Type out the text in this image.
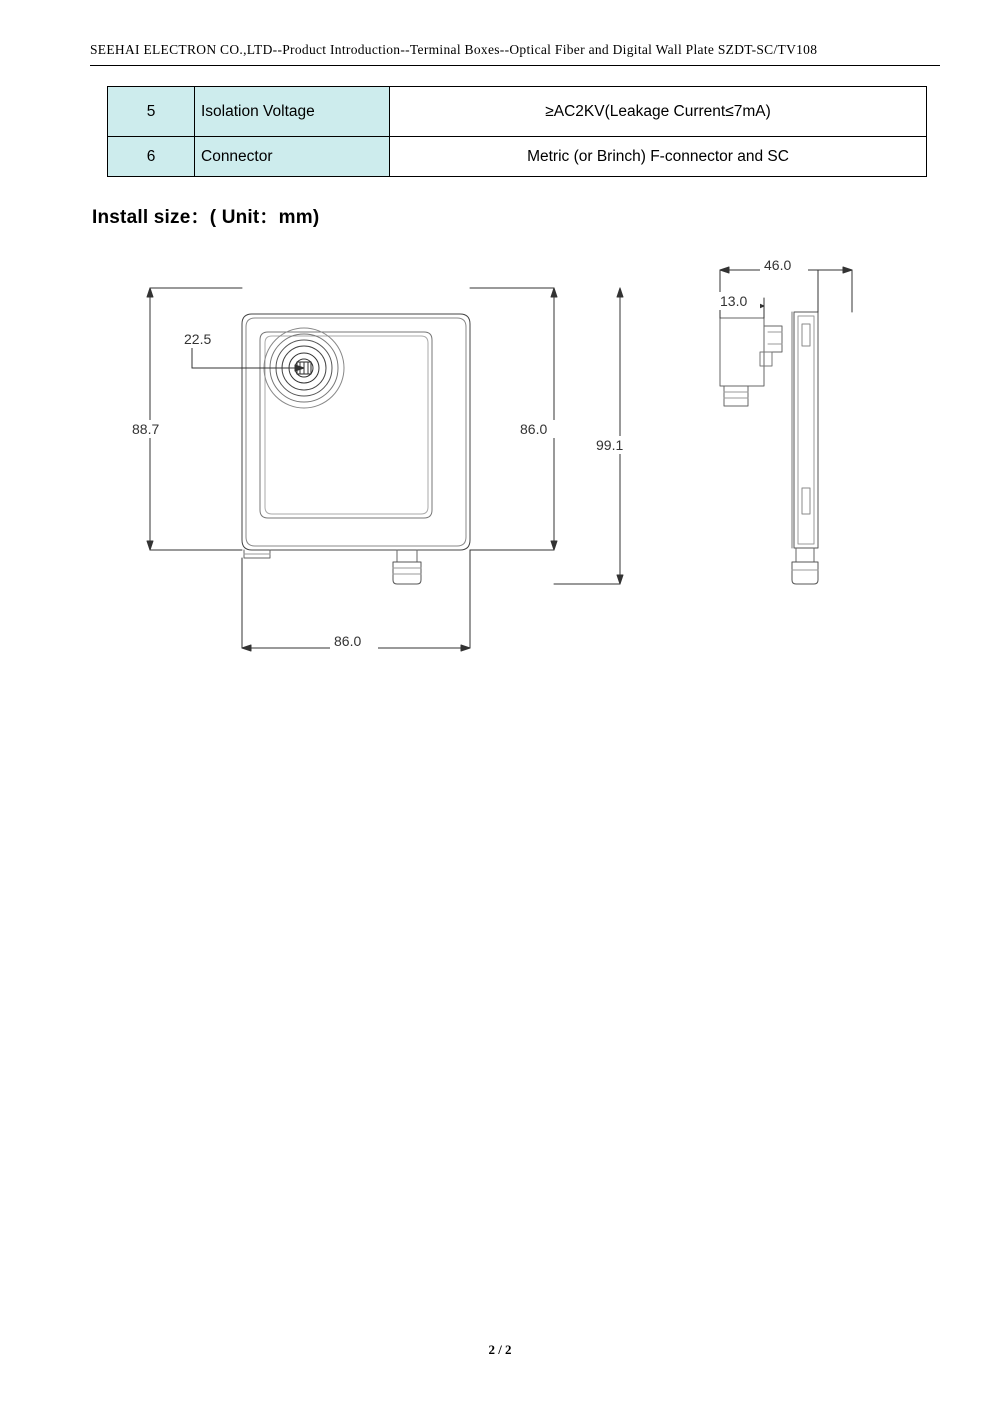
SEEHAI ELECTRON CO.,LTD--Product Introduction--Terminal Boxes--Optical Fiber and Digital Wall Plate SZDT-SC/TV108
5	Isolation Voltage	≥AC2KV(Leakage Current≤7mA)
6	Connector	Metric (or Brinch) F-connector and SC
Install size：( Unit：mm)
88.7
22.5
86.0
99.1
86.0
46.0
13.0
2 / 2
